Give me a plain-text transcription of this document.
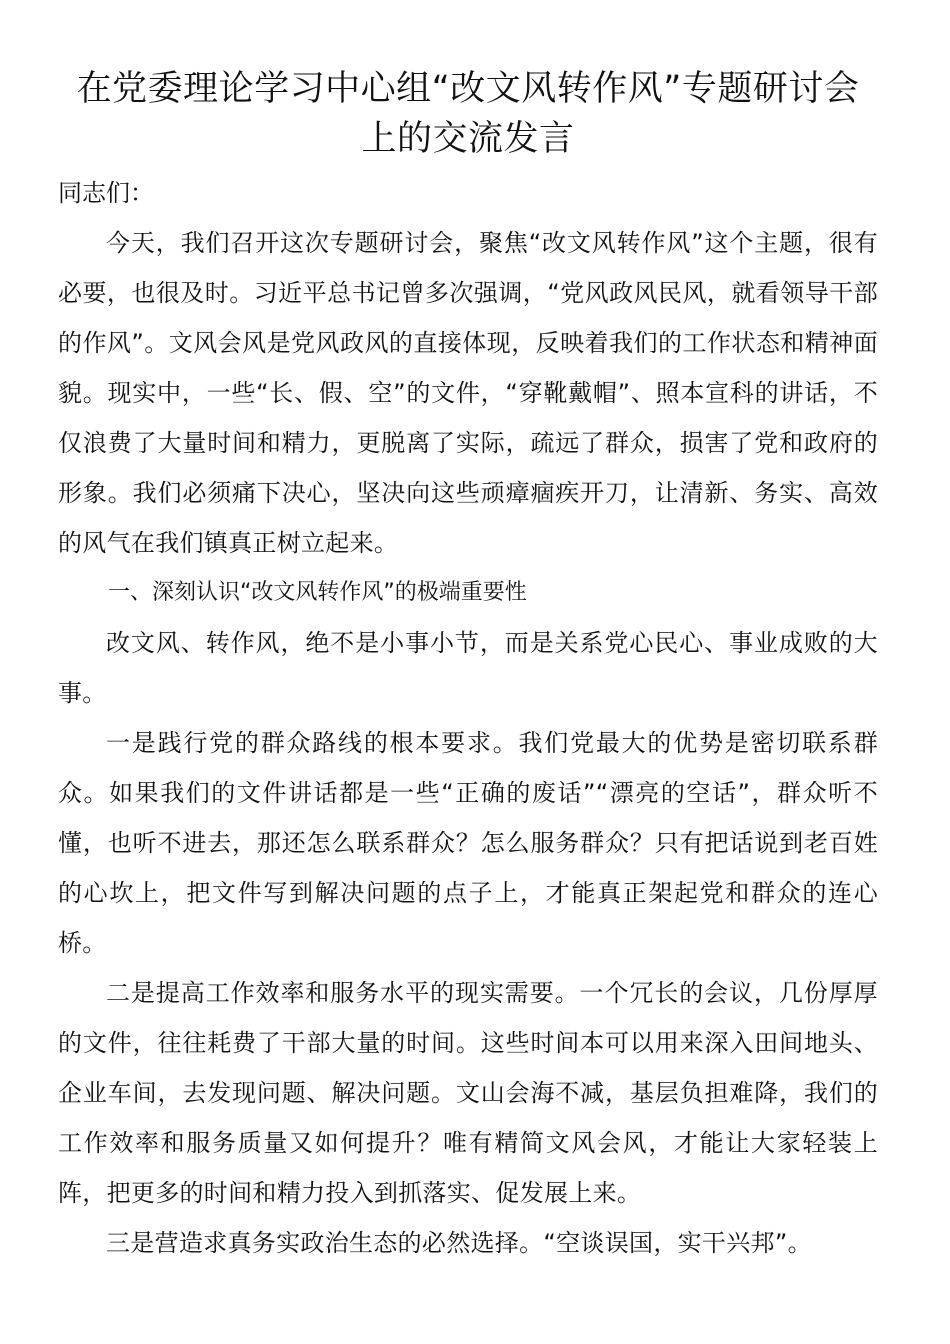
在党委理论学习中心组“改文风转作风”专题研讨会
上的交流发言

同志们：

今天，我们召开这次专题研讨会，聚焦“改文风转作风”这个主题，很有必要，也很及时。习近平总书记曾多次强调，“党风政风民风，就看领导干部的作风”。文风会风是党风政风的直接体现，反映着我们的工作状态和精神面貌。现实中，一些“长、假、空”的文件，“穿靴戴帽”、照本宣科的讲话，不仅浪费了大量时间和精力，更脱离了实际，疏远了群众，损害了党和政府的形象。我们必须痛下决心，坚决向这些顽瘴痼疾开刀，让清新、务实、高效的风气在我们镇真正树立起来。

一、深刻认识“改文风转作风”的极端重要性

改文风、转作风，绝不是小事小节，而是关系党心民心、事业成败的大事。

一是践行党的群众路线的根本要求。我们党最大的优势是密切联系群众。如果我们的文件讲话都是一些“正确的废话”“漂亮的空话”，群众听不懂，也听不进去，那还怎么联系群众？怎么服务群众？只有把话说到老百姓的心坎上，把文件写到解决问题的点子上，才能真正架起党和群众的连心桥。

二是提高工作效率和服务水平的现实需要。一个冗长的会议，几份厚厚的文件，往往耗费了干部大量的时间。这些时间本可以用来深入田间地头、企业车间，去发现问题、解决问题。文山会海不减，基层负担难降，我们的工作效率和服务质量又如何提升？唯有精简文风会风，才能让大家轻装上阵，把更多的时间和精力投入到抓落实、促发展上来。

三是营造求真务实政治生态的必然选择。“空谈误国，实干兴邦”。
